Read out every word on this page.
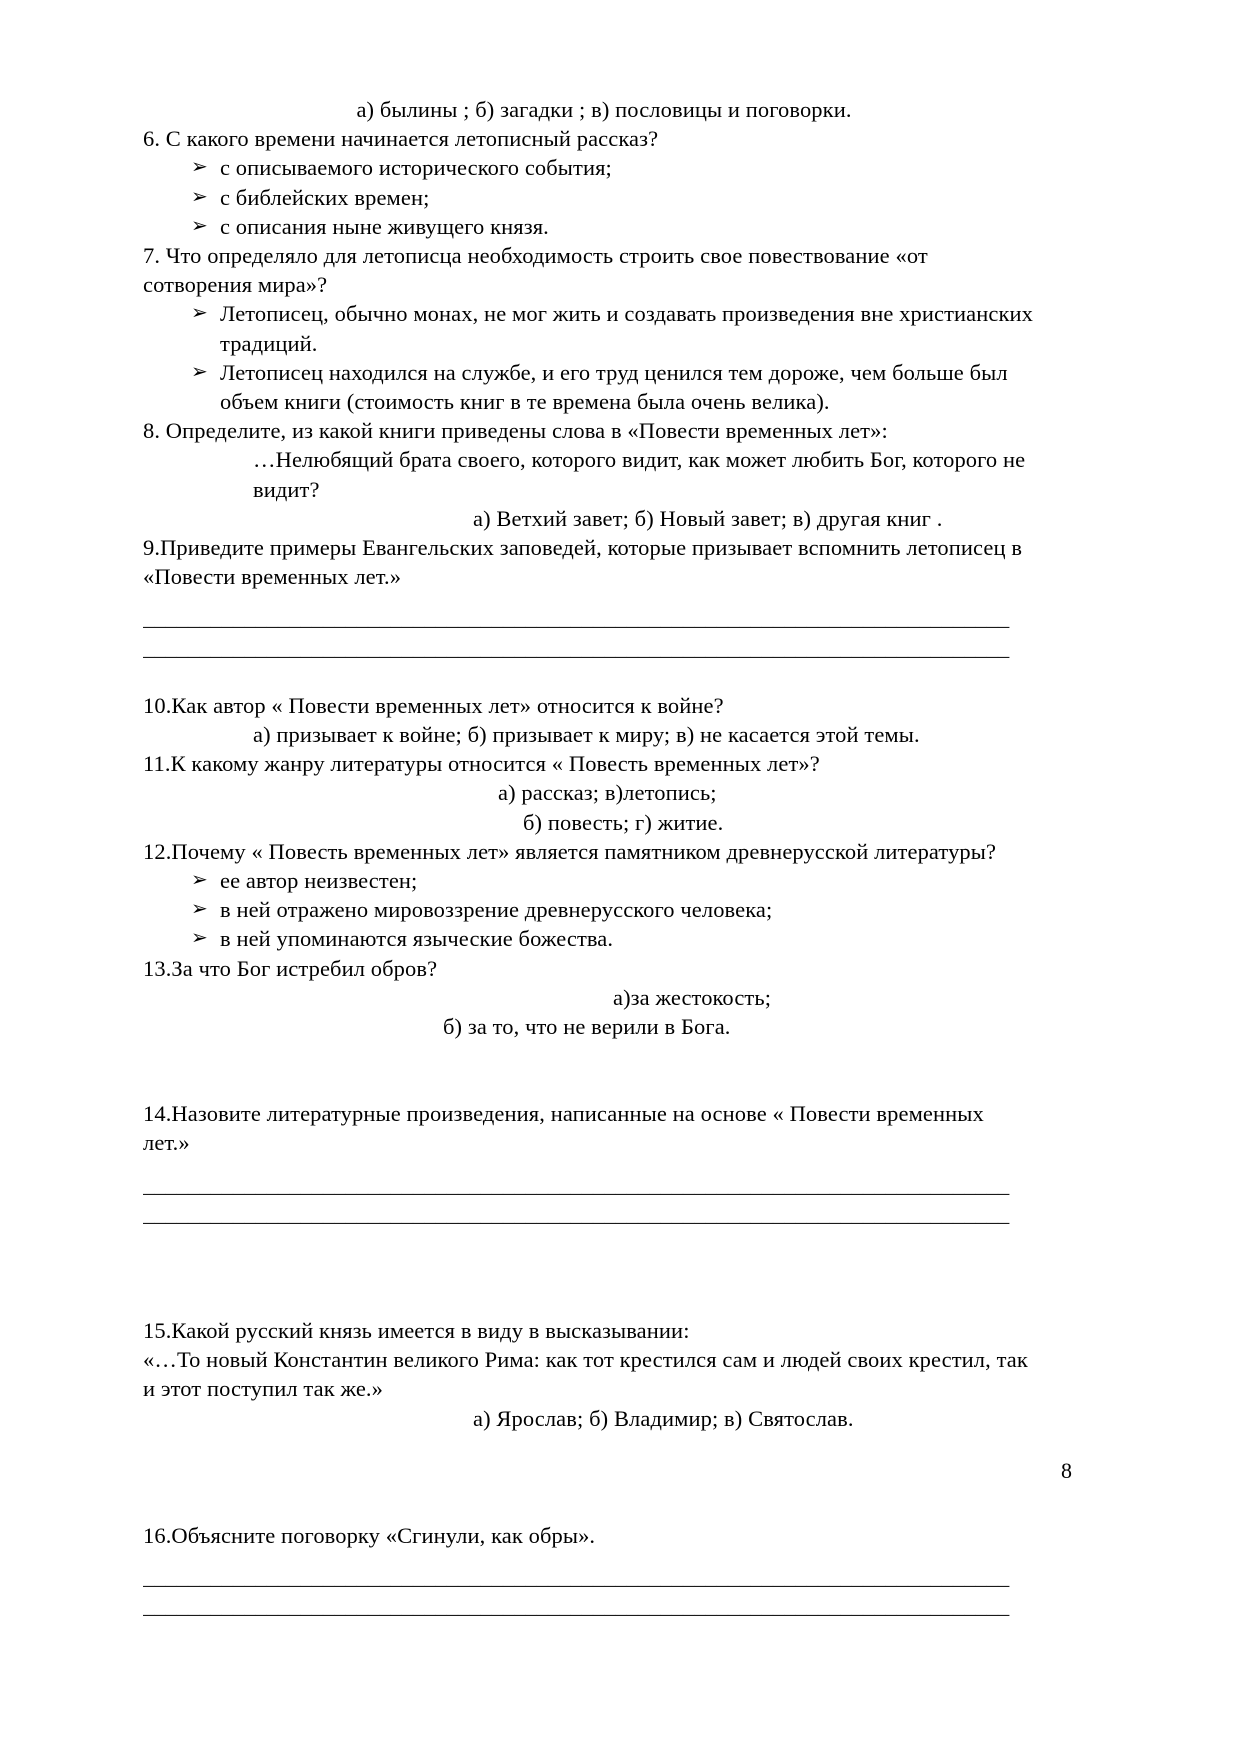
а) былины ; б) загадки ; в) пословицы и поговорки.

6. С какого времени начинается летописный рассказ?

➢ с описываемого исторического события;
➢ с библейских времен;
➢ с описания ныне живущего князя.

7. Что определяло для летописца необходимость строить свое повествование «от

сотворения мира»?

➢ Летописец, обычно монах, не мог жить и создавать произведения вне христианских традиций.
➢ Летописец находился на службе, и его труд ценился тем дороже, чем больше был объем книги (стоимость книг в те времена была очень велика).

8. Определите, из какой книги приведены слова в «Повести временных лет»:

…Нелюбящий брата своего, которого видит, как может любить Бог, которого не видит?

а) Ветхий завет; б) Новый завет; в) другая книг .

9.Приведите примеры Евангельских заповедей, которые призывает вспомнить летописец в

«Повести временных лет.»

_____________________________________________________________________________
_____________________________________________________________________________

10.Как автор « Повести временных лет» относится к войне?

а) призывает к войне; б) призывает к миру; в) не касается этой темы.

11.К какому жанру литературы относится « Повесть временных лет»?

а) рассказ; в)летопись;

б) повесть; г) житие.

12.Почему « Повесть временных лет» является памятником древнерусской литературы?

➢ ее автор неизвестен;
➢ в ней отражено мировоззрение древнерусского человека;
➢ в ней упоминаются языческие божества.

13.За что Бог истребил обров?

а)за жестокость;

б) за то, что не верили в Бога.

14.Назовите литературные произведения, написанные на основе « Повести временных

лет.»

_____________________________________________________________________________
_____________________________________________________________________________

15.Какой русский князь имеется в виду в высказывании:

«…То новый Константин великого Рима: как тот крестился сам и людей своих крестил, так

и этот поступил так же.»

а) Ярослав; б) Владимир; в) Святослав.

16.Объясните поговорку «Сгинули, как обры».

_____________________________________________________________________________
_____________________________________________________________________________
8
